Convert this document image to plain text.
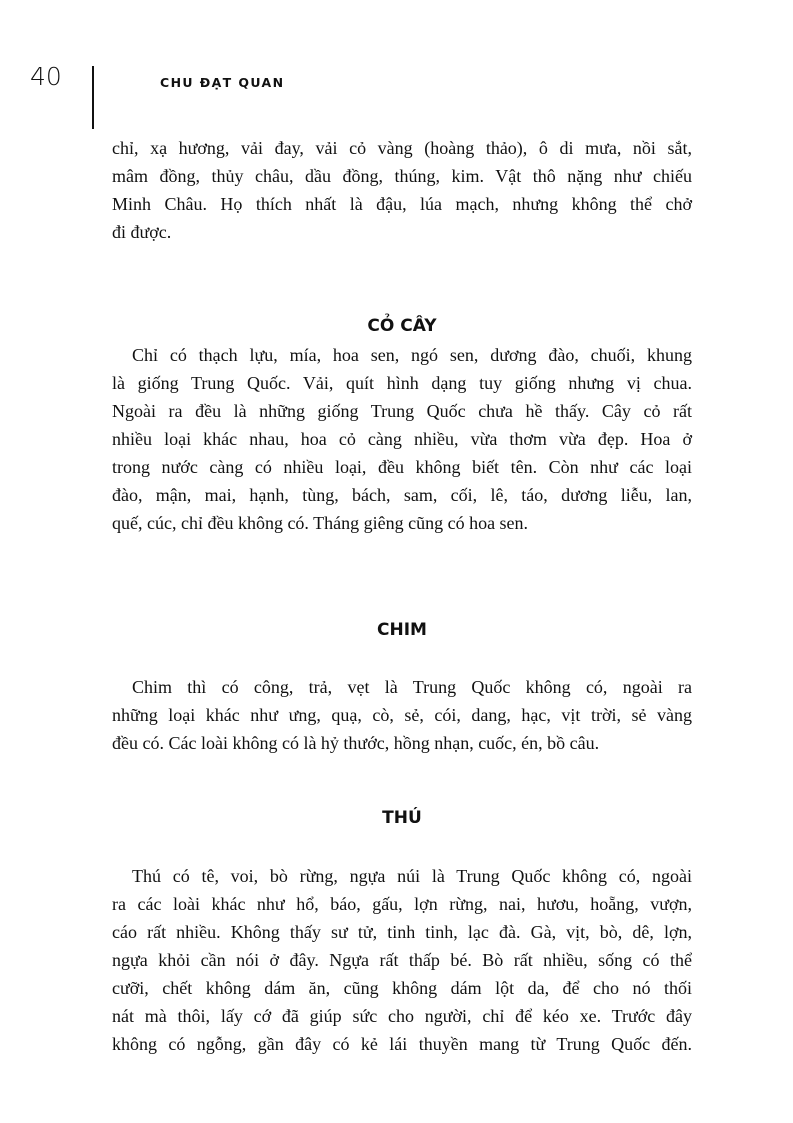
40	CHU ĐẠT QUAN
chỉ, xạ hương, vải đay, vải cỏ vàng (hoàng thảo), ô di mưa, nồi sắt,
mâm đồng, thủy châu, dầu đồng, thúng, kim. Vật thô nặng như chiếu
Minh Châu. Họ thích nhất là đậu, lúa mạch, nhưng không thể chở
đi được.
CỎ CÂY
Chỉ có thạch lựu, mía, hoa sen, ngó sen, dương đào, chuối, khung
là giống Trung Quốc. Vải, quít hình dạng tuy giống nhưng vị chua.
Ngoài ra đều là những giống Trung Quốc chưa hề thấy. Cây cỏ rất
nhiều loại khác nhau, hoa cỏ càng nhiều, vừa thơm vừa đẹp. Hoa ở
trong nước càng có nhiều loại, đều không biết tên. Còn như các loại
đào, mận, mai, hạnh, tùng, bách, sam, cối, lê, táo, dương liễu, lan,
quế, cúc, chỉ đều không có. Tháng giêng cũng có hoa sen.
CHIM
Chim thì có công, trả, vẹt là Trung Quốc không có, ngoài ra
những loại khác như ưng, quạ, cò, sẻ, cói, dang, hạc, vịt trời, sẻ vàng
đều có. Các loài không có là hỷ thước, hồng nhạn, cuốc, én, bồ câu.
THÚ
Thú có tê, voi, bò rừng, ngựa núi là Trung Quốc không có, ngoài
ra các loài khác như hổ, báo, gấu, lợn rừng, nai, hươu, hoẵng, vượn,
cáo rất nhiều. Không thấy sư tử, tinh tinh, lạc đà. Gà, vịt, bò, dê, lợn,
ngựa khỏi cần nói ở đây. Ngựa rất thấp bé. Bò rất nhiều, sống có thể
cưỡi, chết không dám ăn, cũng không dám lột da, để cho nó thối
nát mà thôi, lấy cớ đã giúp sức cho người, chỉ để kéo xe. Trước đây
không có ngỗng, gần đây có kẻ lái thuyền mang từ Trung Quốc đến.
